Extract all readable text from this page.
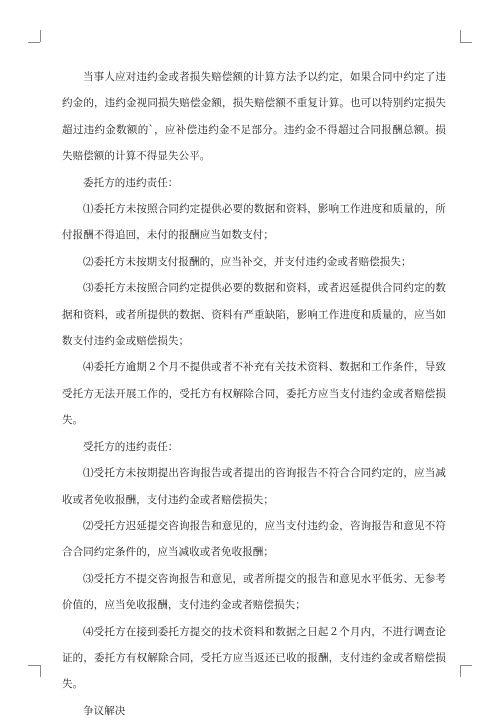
当事人应对违约金或者损失赔偿额的计算方法予以约定，如果合同中约定了违约金的，违约金视同损失赔偿金额，损失赔偿额不重复计算。也可以特别约定损失超过违约金数额的`，应补偿违约金不足部分。违约金不得超过合同报酬总额。损失赔偿额的计算不得显失公平。

委托方的违约责任：

⑴委托方未按照合同约定提供必要的数据和资料，影响工作进度和质量的，所付报酬不得追回，未付的报酬应当如数支付；

⑵委托方未按期支付报酬的，应当补交，并支付违约金或者赔偿损失；

⑶委托方未按照合同约定提供必要的数据和资料，或者迟延提供合同约定的数据和资料，或者所提供的数据、资料有严重缺陷，影响工作进度和质量的，应当如数支付违约金或赔偿损失；

⑷委托方逾期２个月不提供或者不补充有关技术资料、数据和工作条件，导致受托方无法开展工作的，受托方有权解除合同，委托方应当支付违约金或者赔偿损失。

受托方的违约责任：

⑴受托方未按期提出咨询报告或者提出的咨询报告不符合合同约定的，应当减收或者免收报酬，支付违约金或者赔偿损失；

⑵受托方迟延提交咨询报告和意见的，应当支付违约金，咨询报告和意见不符合合同约定条件的，应当减收或者免收报酬；

⑶受托方不提交咨询报告和意见，或者所提交的报告和意见水平低劣、无参考价值的，应当免收报酬，支付违约金或者赔偿损失；

⑷受托方在接到委托方提交的技术资料和数据之日起２个月内，不进行调查论证的，委托方有权解除合同，受托方应当返还已收的报酬，支付违约金或者赔偿损失。

争议解决
